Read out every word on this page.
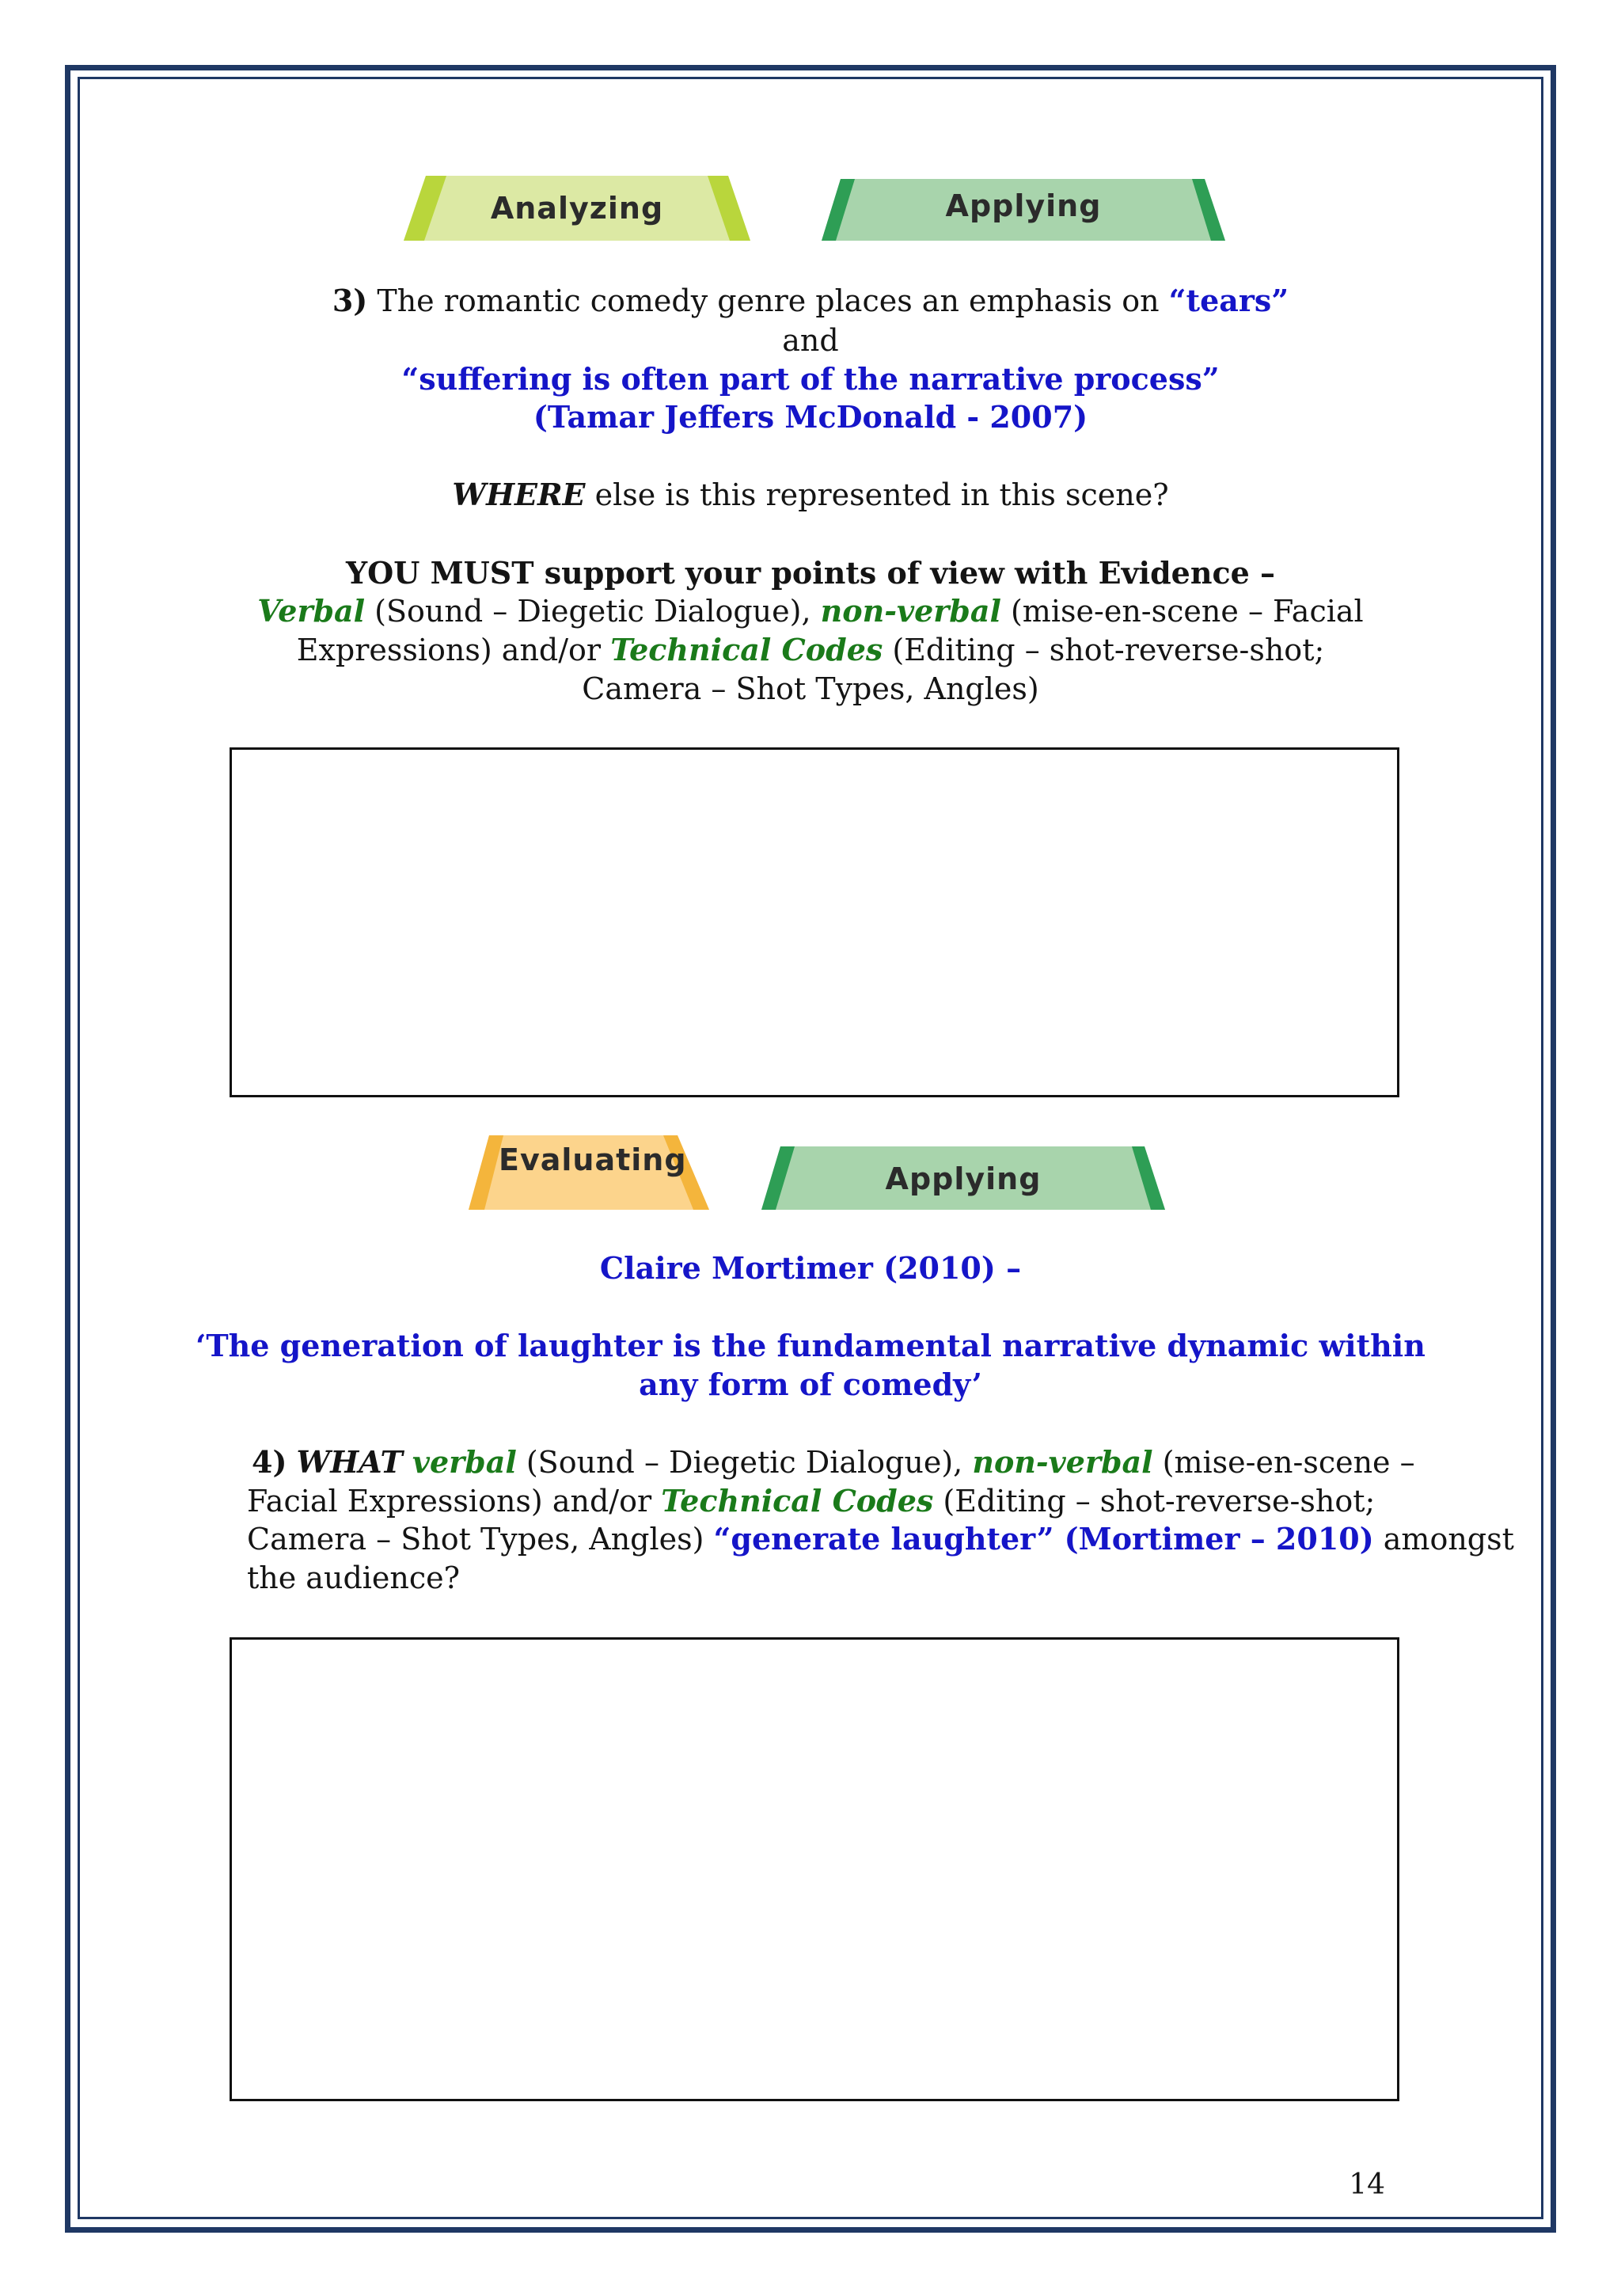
Analyzing	Applying
3) The romantic comedy genre places an emphasis on “tears”
and
“suffering is often part of the narrative process”
(Tamar Jeffers McDonald - 2007)
WHERE else is this represented in this scene?
YOU MUST support your points of view with Evidence –
Verbal (Sound – Diegetic Dialogue), non-verbal (mise-en-scene – Facial
Expressions) and/or Technical Codes (Editing – shot-reverse-shot;
Camera – Shot Types, Angles)
Evaluating
Applying
Claire Mortimer (2010) –
‘The generation of laughter is the fundamental narrative dynamic within
any form of comedy’
4) WHAT verbal (Sound – Diegetic Dialogue), non-verbal (mise-en-scene –
Facial Expressions) and/or Technical Codes (Editing – shot-reverse-shot;
Camera – Shot Types, Angles) “generate laughter” (Mortimer – 2010) amongst
the audience?
14
